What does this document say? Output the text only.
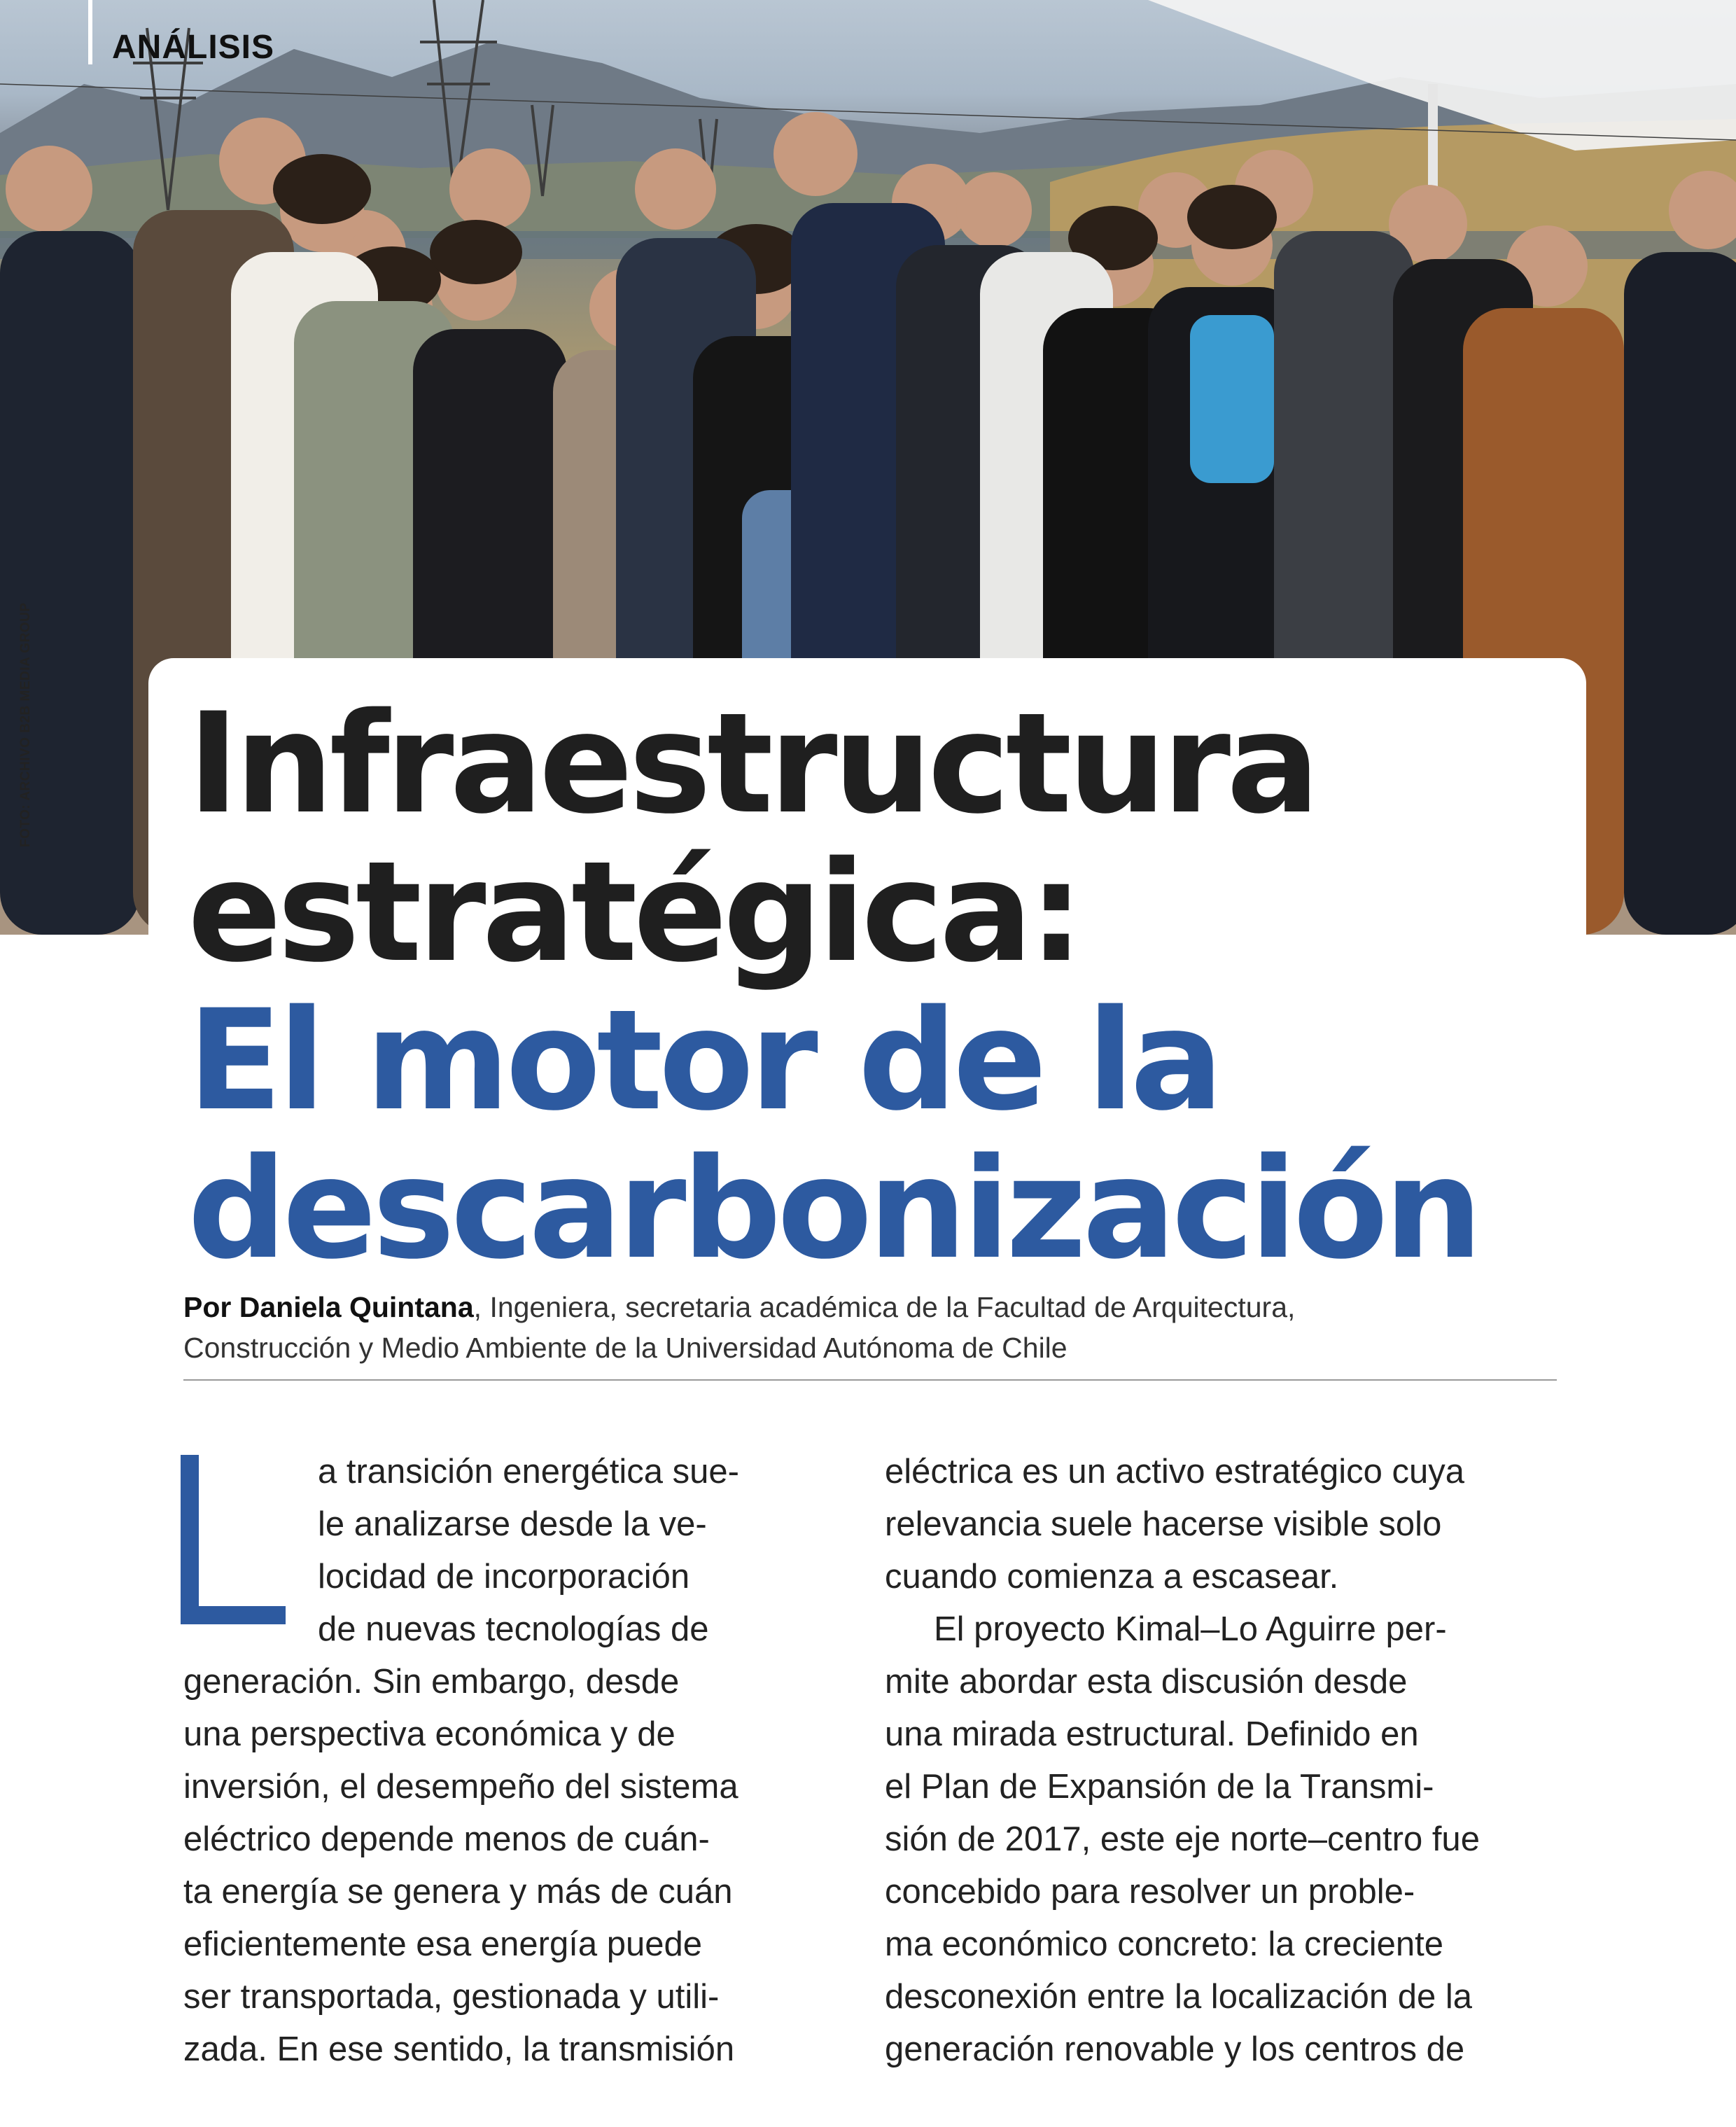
ANÁLISIS
FOTO: ARCHIVO B2B MEDIA GROUP Infraestructura
estratégica:
El motor de la
descarbonización
Por Daniela Quintana, Ingeniera, secretaria académica de la Facultad de Arquitectura,
Construcción y Medio Ambiente de la Universidad Autónoma de Chile
a transición energética sue-
le analizarse desde la ve-
locidad de incorporación
de nuevas tecnologías de
generación. Sin embargo, desde
una perspectiva económica y de
inversión, el desempeño del sistema
eléctrico depende menos de cuán-
ta energía se genera y más de cuán
eficientemente esa energía puede
ser transportada, gestionada y utili-
zada. En ese sentido, la transmisión
eléctrica es un activo estratégico cuya
relevancia suele hacerse visible solo
cuando comienza a escasear.
El proyecto Kimal–Lo Aguirre per-
mite abordar esta discusión desde
una mirada estructural. Definido en
el Plan de Expansión de la Transmi-
sión de 2017, este eje norte–centro fue
concebido para resolver un proble-
ma económico concreto: la creciente
desconexión entre la localización de la
generación renovable y los centros de
